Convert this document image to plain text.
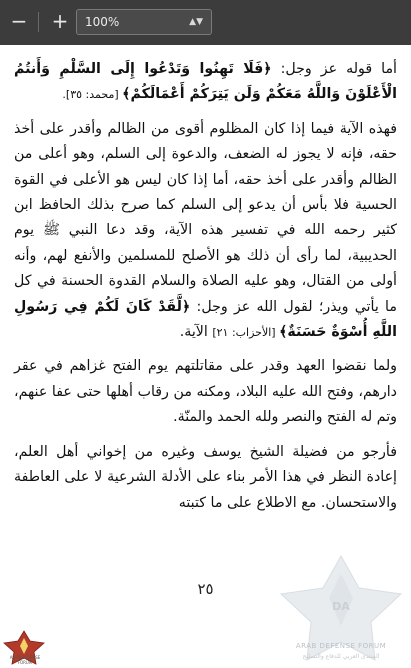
− +	100%	▲▼

أما قوله عز وجل: ﴿فَلَا تَهِنُوا وَتَدْعُوا إِلَى السَّلْمِ وَأَنتُمُ الْأَعْلَوْنَ وَاللَّهُ مَعَكُمْ وَلَن يَتِرَكُمْ أَعْمَالَكُمْ﴾ [محمد: ٣٥].

فهذه الآية فيما إذا كان المظلوم أقوى من الظالم وأقدر على أخذ حقه، فإنه لا يجوز له الضعف، والدعوة إلى السلم، وهو أعلى من الظالم وأقدر على أخذ حقه، أما إذا كان ليس هو الأعلى في القوة الحسية فلا بأس أن يدعو إلى السلم كما صرح بذلك الحافظ ابن كثير رحمه الله في تفسير هذه الآية، وقد دعا النبي ﷺ يوم الحديبية، لما رأى أن ذلك هو الأصلح للمسلمين والأنفع لهم، وأنه أولى من القتال، وهو عليه الصلاة والسلام القدوة الحسنة في كل ما يأتي ويذر؛ لقول الله عز وجل: ﴿لَّقَدْ كَانَ لَكُمْ فِي رَسُولِ اللَّهِ أُسْوَةٌ حَسَنَةٌ﴾ [الأحزاب: ٢١] الآية.

ولما نقضوا العهد وقدر على مقاتلتهم يوم الفتح غزاهم في عقر دارهم، وفتح الله عليه البلاد، ومكنه من رقاب أهلها حتى عفا عنهم، وتم له الفتح والنصر ولله الحمد والمنّة.

فأرجو من فضيلة الشيخ يوسف وغيره من إخواني أهل العلم، إعادة النظر في هذا الأمر بناء على الأدلة الشرعية لا على العاطفة والاستحسان. مع الاطلاع على ما كتبته

٢٥
DA
ARAB DEFENSE FORUM
المنتدى العربي للدفاع والتسليح
ARAB DEFENSE FORUM
